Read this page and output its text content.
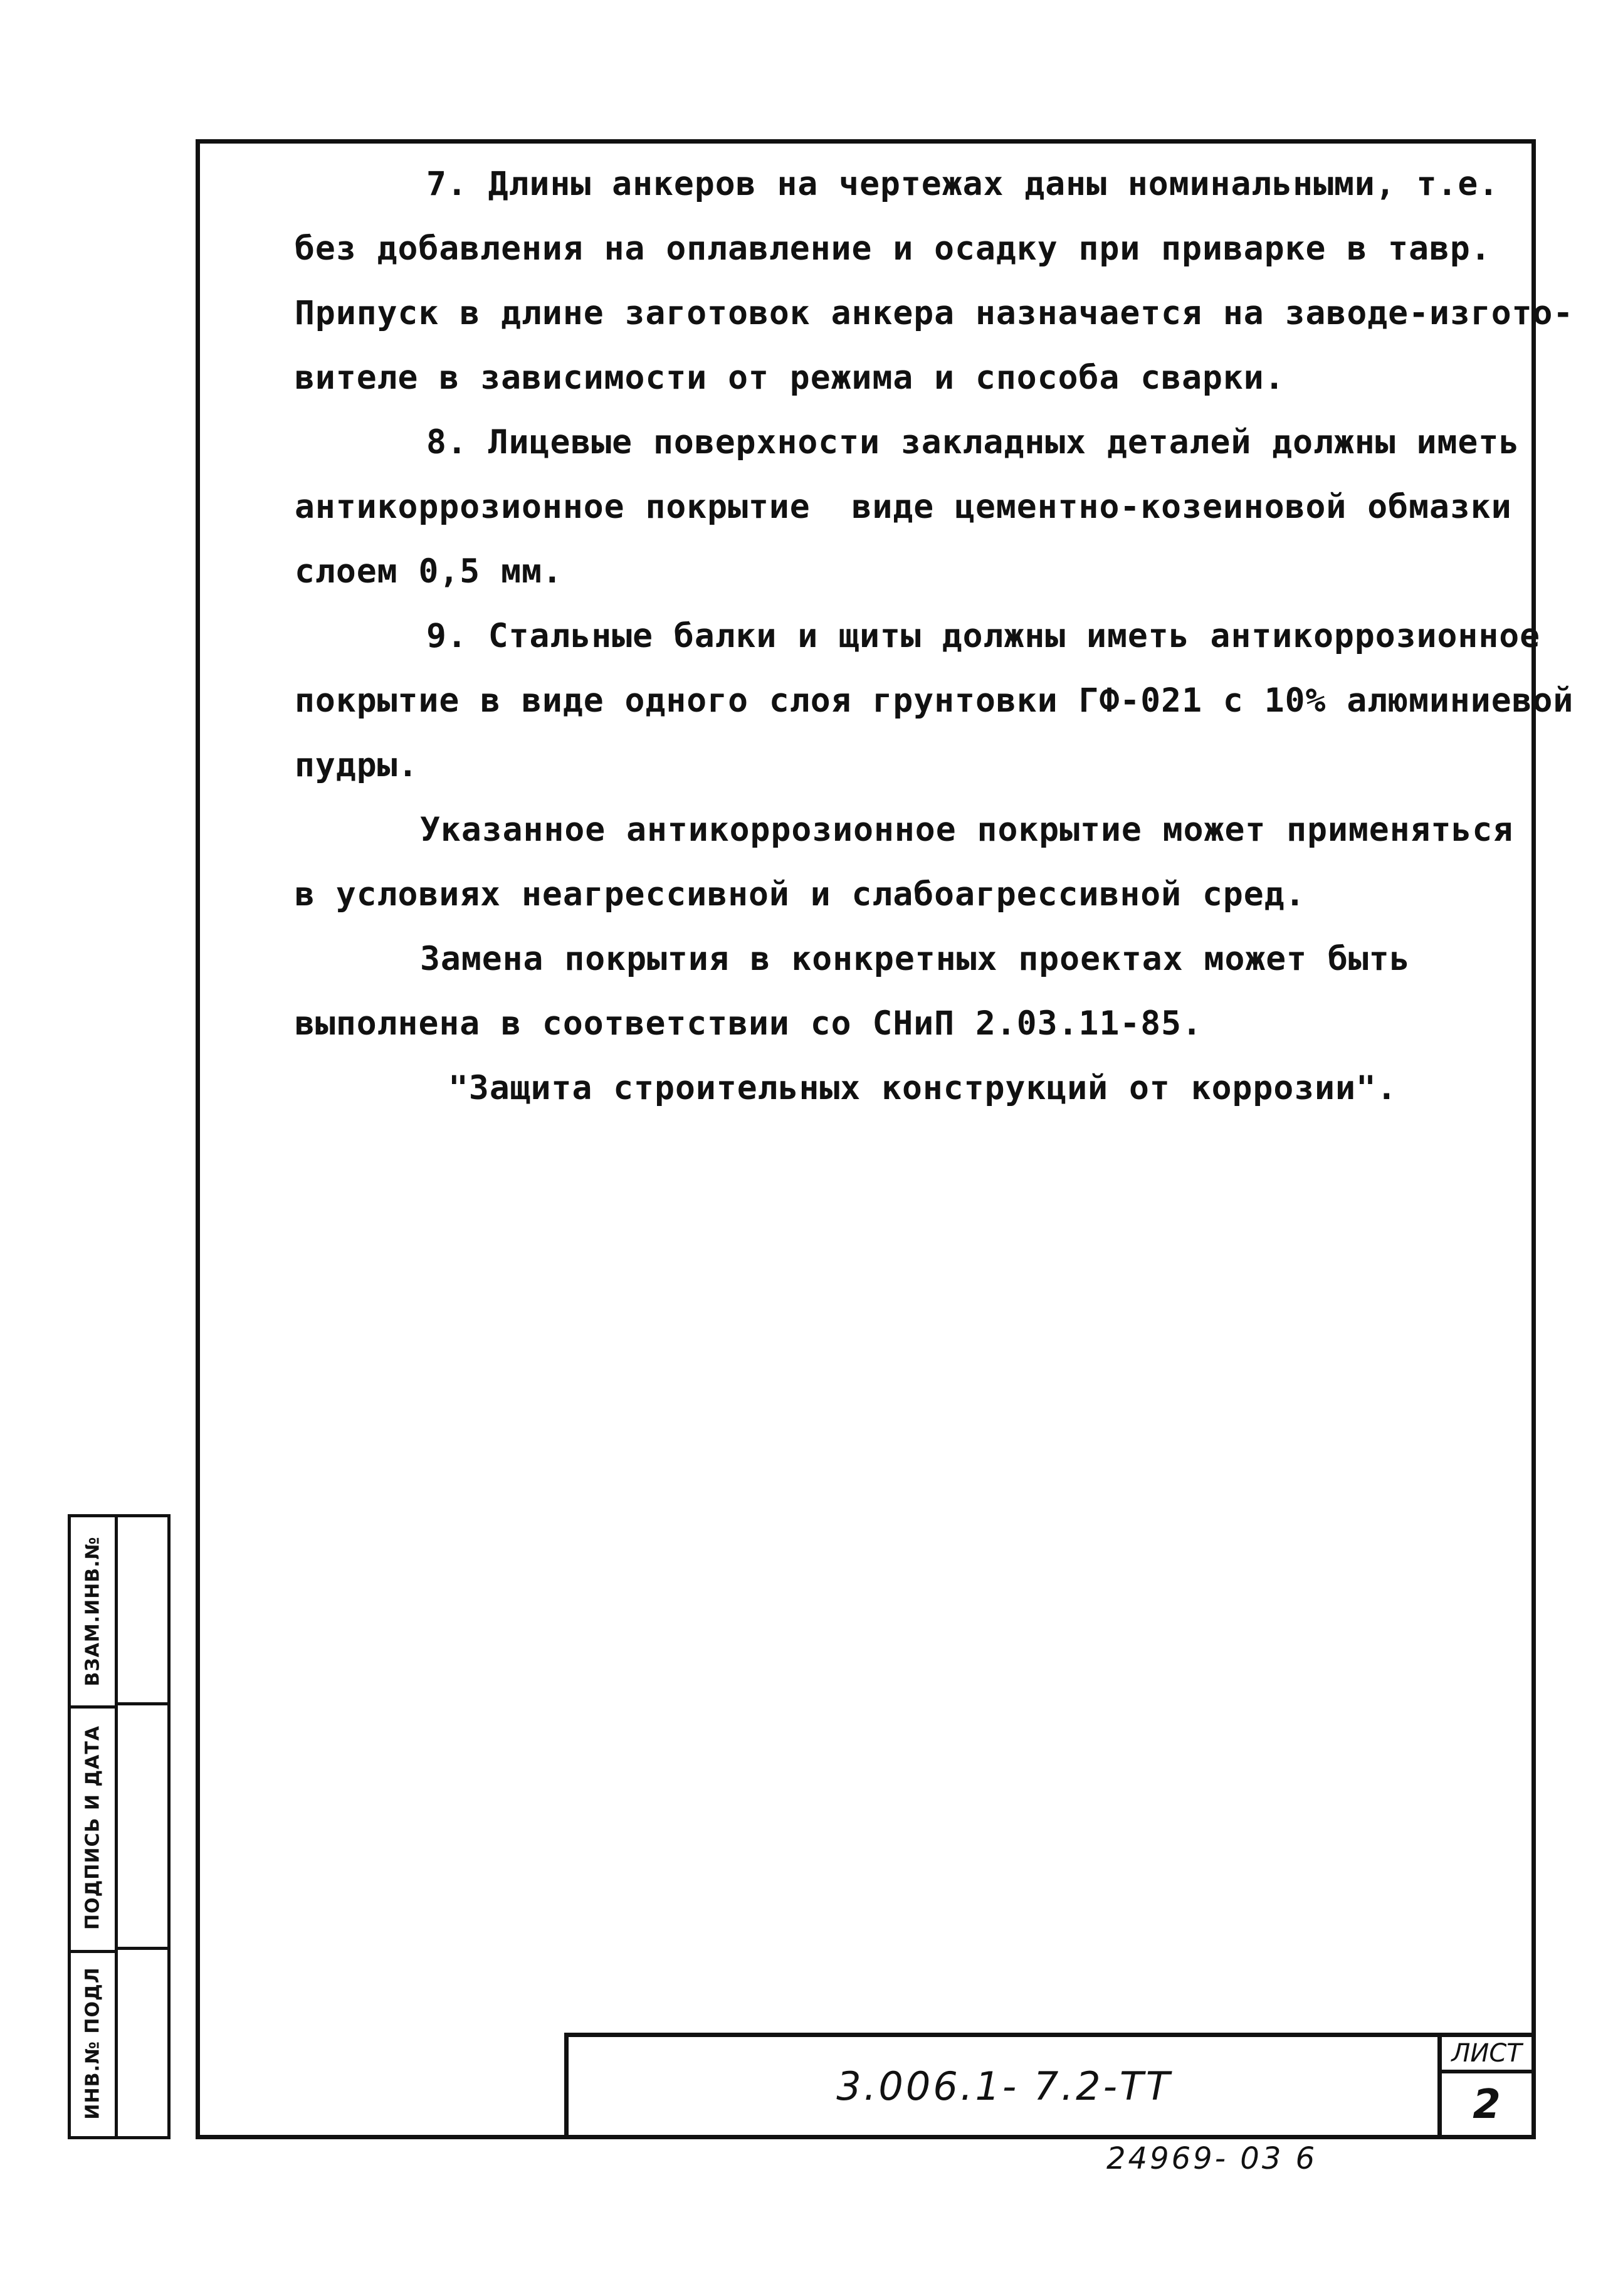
7. Длины анкеров на чертежах даны номинальными, т.е.
без добавления на оплавление и осадку при приварке в тавр.
Припуск в длине заготовок анкера назначается на заводе-изгото-
вителе в зависимости от режима и способа сварки.
8. Лицевые поверхности закладных деталей должны иметь
антикоррозионное покрытие  виде цементно-козеиновой обмазки
слоем 0,5 мм.
9. Стальные балки и щиты должны иметь антикоррозионное
покрытие в виде одного слоя грунтовки ГФ-021 с 10% алюминиевой
пудры.
Указанное антикоррозионное покрытие может применяться
в условиях неагрессивной и слабоагрессивной сред.
Замена покрытия в конкретных проектах может быть
выполнена в соответствии со СНиП 2.03.11-85.
"Защита строительных конструкций от коррозии".
ВЗАМ.ИНВ.№
ПОДПИСЬ И ДАТА
ИНВ.№ ПОДЛ	3.006.1- 7.2-ТТ
ЛИСТ
2
24969- 03 6
